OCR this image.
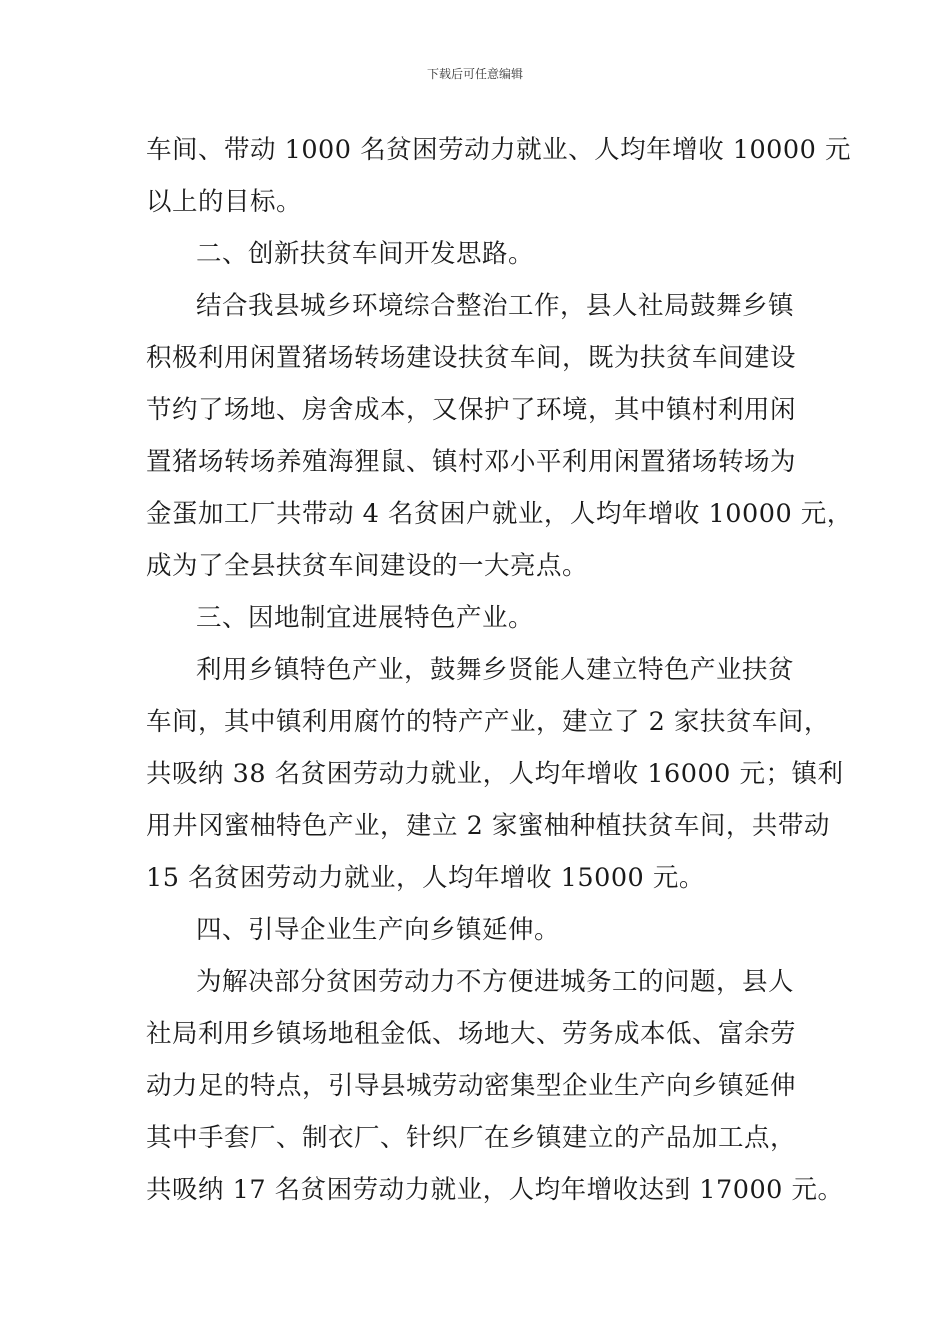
下载后可任意编辑
车间、带动 1000 名贫困劳动力就业、人均年增收 10000 元
以上的目标。
二、创新扶贫车间开发思路。
结合我县城乡环境综合整治工作，县人社局鼓舞乡镇
积极利用闲置猪场转场建设扶贫车间，既为扶贫车间建设
节约了场地、房舍成本，又保护了环境，其中镇村利用闲
置猪场转场养殖海狸鼠、镇村邓小平利用闲置猪场转场为
金蛋加工厂共带动 4 名贫困户就业，人均年增收 10000 元，
成为了全县扶贫车间建设的一大亮点。
三、因地制宜进展特色产业。
利用乡镇特色产业，鼓舞乡贤能人建立特色产业扶贫
车间，其中镇利用腐竹的特产产业，建立了 2 家扶贫车间，
共吸纳 38 名贫困劳动力就业，人均年增收 16000 元；镇利
用井冈蜜柚特色产业，建立 2 家蜜柚种植扶贫车间，共带动
15 名贫困劳动力就业，人均年增收 15000 元。
四、引导企业生产向乡镇延伸。
为解决部分贫困劳动力不方便进城务工的问题，县人
社局利用乡镇场地租金低、场地大、劳务成本低、富余劳
动力足的特点，引导县城劳动密集型企业生产向乡镇延伸
其中手套厂、制衣厂、针织厂在乡镇建立的产品加工点，
共吸纳 17 名贫困劳动力就业，人均年增收达到 17000 元。
